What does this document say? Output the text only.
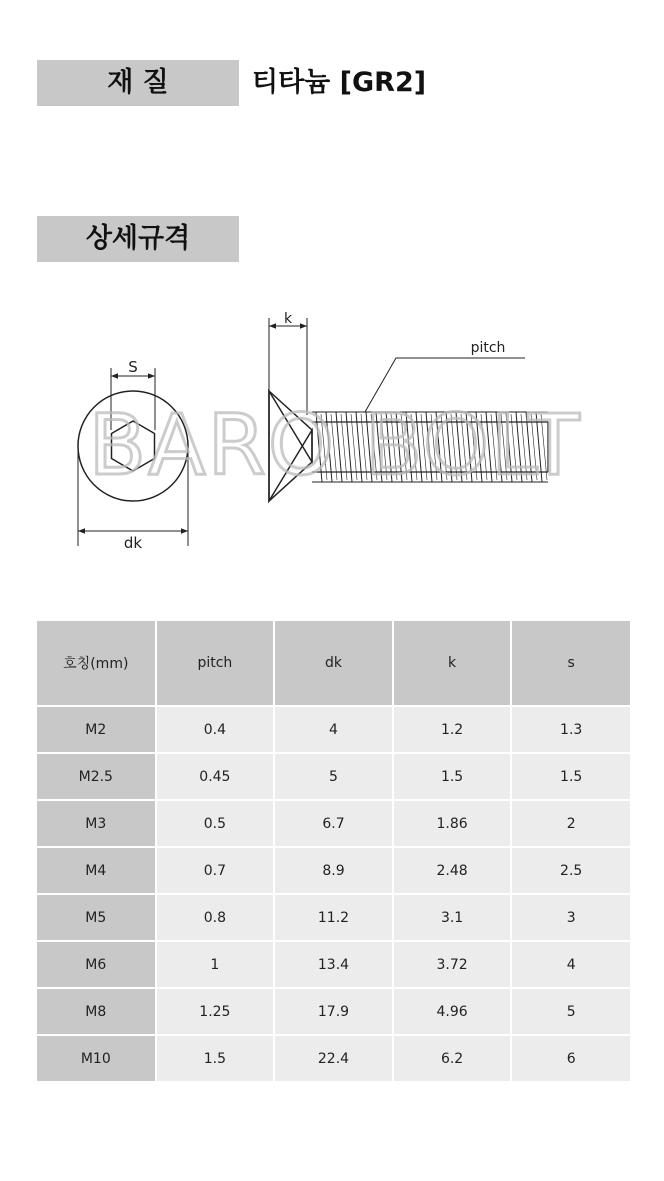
재 질	티타늄 [GR2]
상세규격
S
dk
k
pitch
BARO BOLT
호칭(mm)	pitch	dk	k	s
M2	0.4	4	1.2	1.3
M2.5	0.45	5	1.5	1.5
M3	0.5	6.7	1.86	2
M4	0.7	8.9	2.48	2.5
M5	0.8	11.2	3.1	3
M6	1	13.4	3.72	4
M8	1.25	17.9	4.96	5
M10	1.5	22.4	6.2	6
